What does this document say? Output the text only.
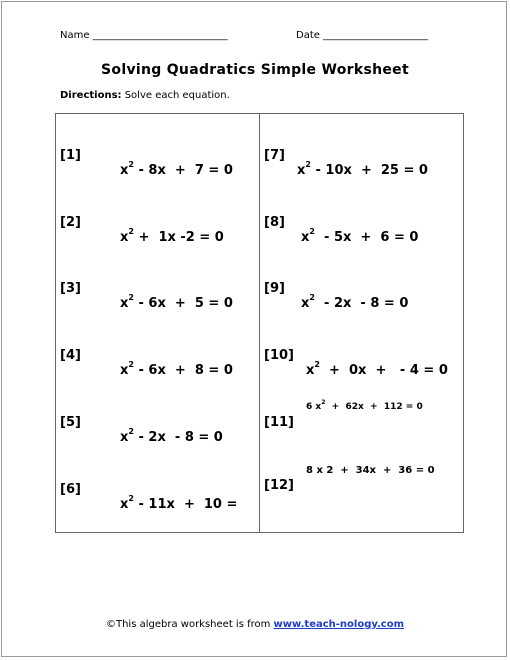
Name ___________________________	Date _____________________
Solving Quadratics Simple Worksheet
Directions: Solve each equation.

[1]

$x^2 - 8x + 7 = 0$

[2]

$x^2 + 1x$ -2 = 0

[3]

$x^2 - 6x + 5 = 0$

[4]

$x^2 - 6x + 8 = 0$

[5]

$x^2 - 2x - 8 = 0$

[6]

$x^2 - 11x + 10$ =

[7]

$x^2 - 10x + 25 = 0$

[8]

$x^2 - 5x + 6 = 0$

[9]

$x^2 - 2x - 8 = 0$

[10]

$x^2 + 0x$  +   - 4 = 0

[11]

6 $x^2 + 62x + 112 = 0$

[12]

8 x 2  +  34x  +  36 = 0

©This algebra worksheet is from www.teach-nology.com
